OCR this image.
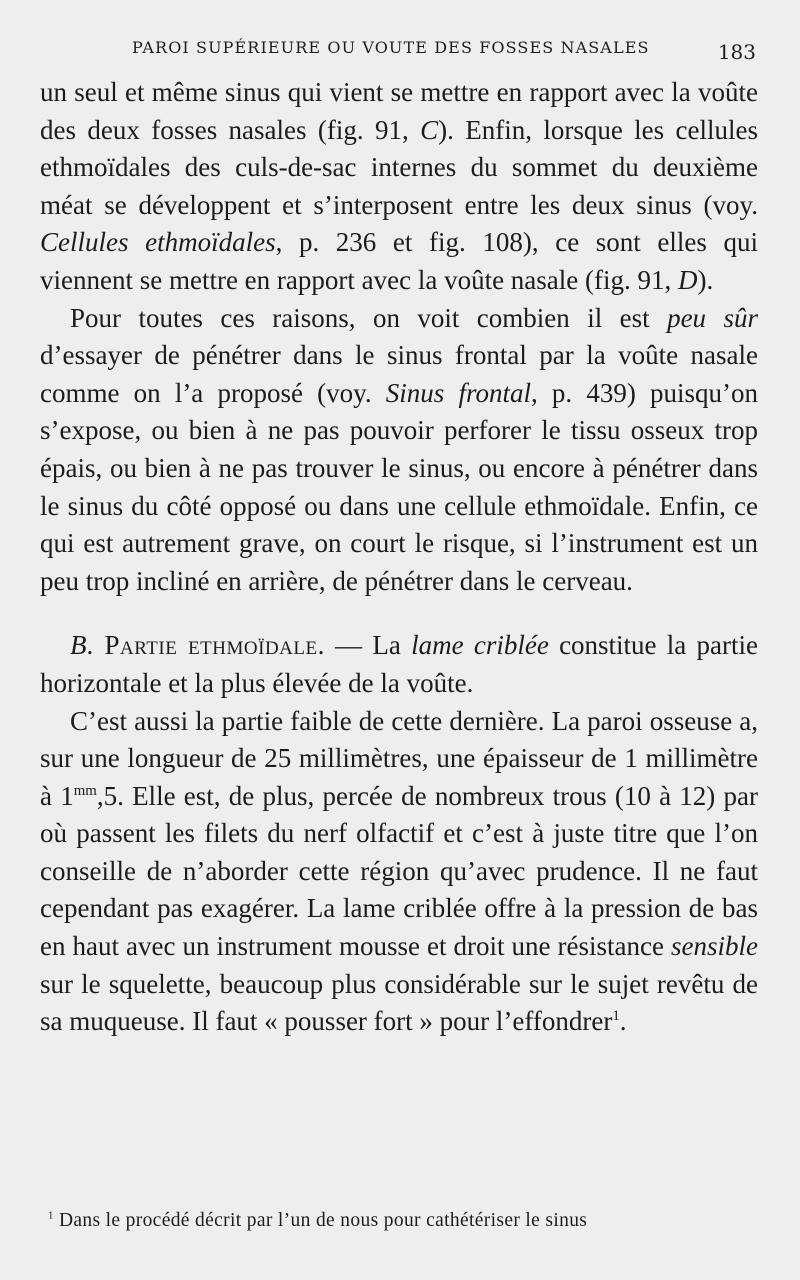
PAROI SUPÉRIEURE OU VOUTE DES FOSSES NASALES	183

un seul et même sinus qui vient se mettre en rapport avec la voûte des deux fosses nasales (fig. 91, C). Enfin, lorsque les cellules ethmoïdales des culs-de-sac internes du sommet du deuxième méat se développent et s’interposent entre les deux sinus (voy. Cellules ethmoïdales, p. 236 et fig. 108), ce sont elles qui viennent se mettre en rapport avec la voûte nasale (fig. 91, D).

Pour toutes ces raisons, on voit combien il est peu sûr d’essayer de pénétrer dans le sinus frontal par la voûte nasale comme on l’a proposé (voy. Sinus frontal, p. 439) puisqu’on s’expose, ou bien à ne pas pouvoir perforer le tissu osseux trop épais, ou bien à ne pas trouver le sinus, ou encore à pénétrer dans le sinus du côté opposé ou dans une cellule ethmoïdale. Enfin, ce qui est autrement grave, on court le risque, si l’instrument est un peu trop incliné en arrière, de pénétrer dans le cerveau.

B. Partie ethmoïdale. — La lame criblée constitue la partie horizontale et la plus élevée de la voûte.

C’est aussi la partie faible de cette dernière. La paroi osseuse a, sur une longueur de 25 millimètres, une épaisseur de 1 millimètre à $1^{mm},5$. Elle est, de plus, percée de nombreux trous (10 à 12) par où passent les filets du nerf olfactif et c’est à juste titre que l’on conseille de n’aborder cette région qu’avec prudence. Il ne faut cependant pas exagérer. La lame criblée offre à la pression de bas en haut avec un instrument mousse et droit une résistance sensible sur le squelette, beaucoup plus considérable sur le sujet revêtu de sa muqueuse. Il faut « pousser fort » pour l’effondrer$^1$.

$^1$ Dans le procédé décrit par l’un de nous pour cathétériser le sinus
